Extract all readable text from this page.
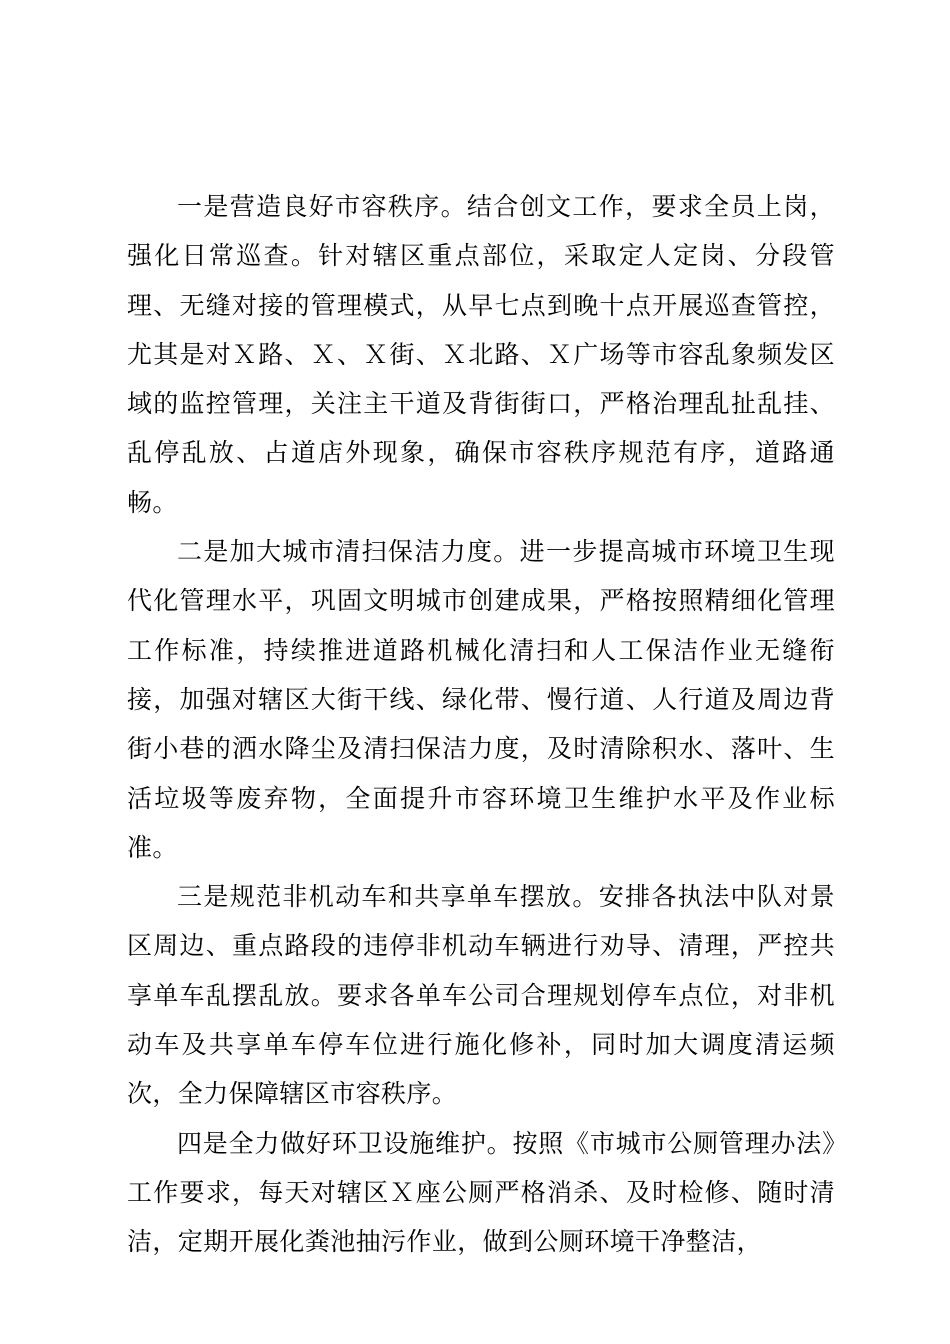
一是营造良好市容秩序。结合创文工作，要求全员上岗，强化日常巡查。针对辖区重点部位，采取定人定岗、分段管理、无缝对接的管理模式，从早七点到晚十点开展巡查管控，尤其是对Ｘ路、Ｘ、Ｘ街、Ｘ北路、Ｘ广场等市容乱象频发区域的监控管理，关注主干道及背街街口，严格治理乱扯乱挂、乱停乱放、占道店外现象，确保市容秩序规范有序，道路通畅。

二是加大城市清扫保洁力度。进一步提高城市环境卫生现代化管理水平，巩固文明城市创建成果，严格按照精细化管理工作标准，持续推进道路机械化清扫和人工保洁作业无缝衔接，加强对辖区大街干线、绿化带、慢行道、人行道及周边背街小巷的洒水降尘及清扫保洁力度，及时清除积水、落叶、生活垃圾等废弃物，全面提升市容环境卫生维护水平及作业标准。

三是规范非机动车和共享单车摆放。安排各执法中队对景区周边、重点路段的违停非机动车辆进行劝导、清理，严控共享单车乱摆乱放。要求各单车公司合理规划停车点位，对非机动车及共享单车停车位进行施化修补，同时加大调度清运频次，全力保障辖区市容秩序。

四是全力做好环卫设施维护。按照《市城市公厕管理办法》工作要求，每天对辖区Ｘ座公厕严格消杀、及时检修、随时清洁，定期开展化粪池抽污作业，做到公厕环境干净整洁，
